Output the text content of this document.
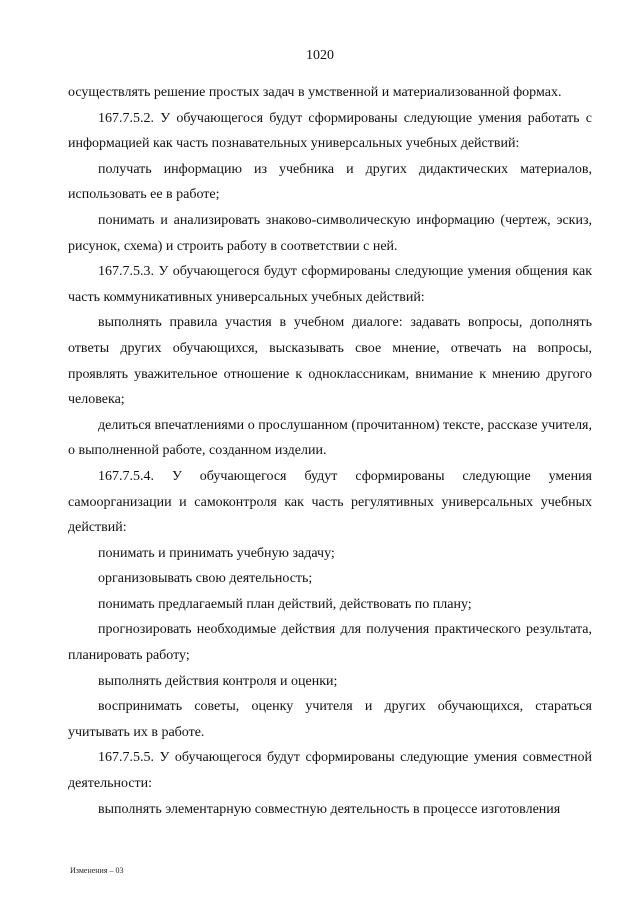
1020

осуществлять решение простых задач в умственной и материализованной формах.

167.7.5.2. У обучающегося будут сформированы следующие умения работать с информацией как часть познавательных универсальных учебных действий:

получать информацию из учебника и других дидактических материалов, использовать ее в работе;

понимать и анализировать знаково-символическую информацию (чертеж, эскиз, рисунок, схема) и строить работу в соответствии с ней.

167.7.5.3. У обучающегося будут сформированы следующие умения общения как часть коммуникативных универсальных учебных действий:

выполнять правила участия в учебном диалоге: задавать вопросы, дополнять ответы других обучающихся, высказывать свое мнение, отвечать на вопросы, проявлять уважительное отношение к одноклассникам, внимание к мнению другого человека;

делиться впечатлениями о прослушанном (прочитанном) тексте, рассказе учителя, о выполненной работе, созданном изделии.

167.7.5.4. У обучающегося будут сформированы следующие умения самоорганизации и самоконтроля как часть регулятивных универсальных учебных действий:

понимать и принимать учебную задачу;

организовывать свою деятельность;

понимать предлагаемый план действий, действовать по плану;

прогнозировать необходимые действия для получения практического результата, планировать работу;

выполнять действия контроля и оценки;

воспринимать советы, оценку учителя и других обучающихся, стараться учитывать их в работе.

167.7.5.5. У обучающегося будут сформированы следующие умения совместной деятельности:

выполнять элементарную совместную деятельность в процессе изготовления

Изменения – 03
